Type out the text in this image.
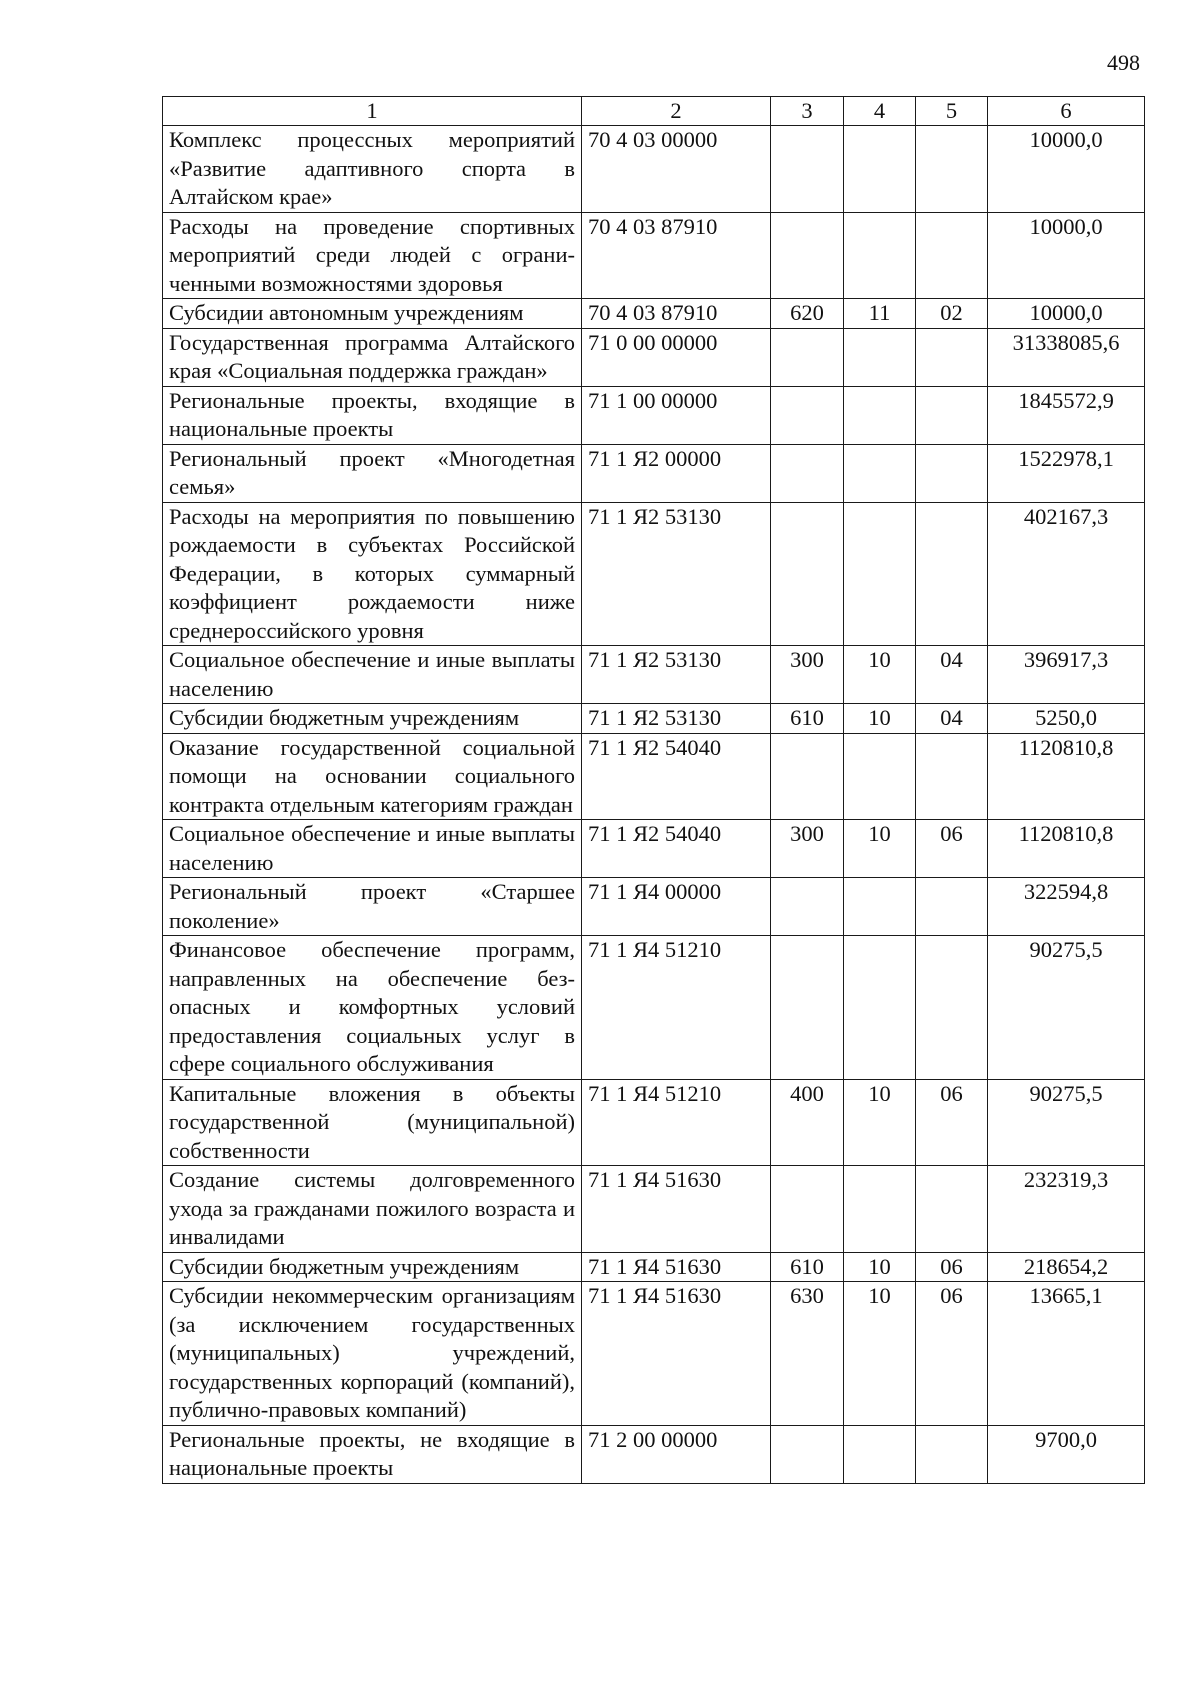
498
1	2	3	4	5	6
Комплекс процессных мероприятий «Развитие адаптивного спорта в Алтайском крае»	70 4 03 00000				10000,0
Расходы на проведение спортивных мероприятий среди людей с ограниченными возможностями здоровья	70 4 03 87910				10000,0
Субсидии автономным учреждениям	70 4 03 87910	620	11	02	10000,0
Государственная программа Алтайского края «Социальная поддержка граждан»	71 0 00 00000				31338085,6
Региональные проекты, входящие в национальные проекты	71 1 00 00000				1845572,9
Региональный проект «Многодетная семья»	71 1 Я2 00000				1522978,1
Расходы на мероприятия по повышению рождаемости в субъектах Российской Федерации, в которых суммарный коэффициент рождаемости ниже среднероссийского уровня	71 1 Я2 53130				402167,3
Социальное обеспечение и иные выплаты населению	71 1 Я2 53130	300	10	04	396917,3
Субсидии бюджетным учреждениям	71 1 Я2 53130	610	10	04	5250,0
Оказание государственной социальной помощи на основании социального контракта отдельным категориям граждан	71 1 Я2 54040				1120810,8
Социальное обеспечение и иные выплаты населению	71 1 Я2 54040	300	10	06	1120810,8
Региональный проект «Старшее поколение»	71 1 Я4 00000				322594,8
Финансовое обеспечение программ, направленных на обеспечение безопасных и комфортных условий предоставления социальных услуг в сфере социального обслуживания	71 1 Я4 51210				90275,5
Капитальные вложения в объекты государственной (муниципальной) собственности	71 1 Я4 51210	400	10	06	90275,5
Создание системы долговременного ухода за гражданами пожилого возраста и инвалидами	71 1 Я4 51630				232319,3
Субсидии бюджетным учреждениям	71 1 Я4 51630	610	10	06	218654,2
Субсидии некоммерческим организациям (за исключением государственных (муниципальных) учреждений, государственных корпораций (компаний), публично-правовых компаний)	71 1 Я4 51630	630	10	06	13665,1
Региональные проекты, не входящие в национальные проекты	71 2 00 00000				9700,0
